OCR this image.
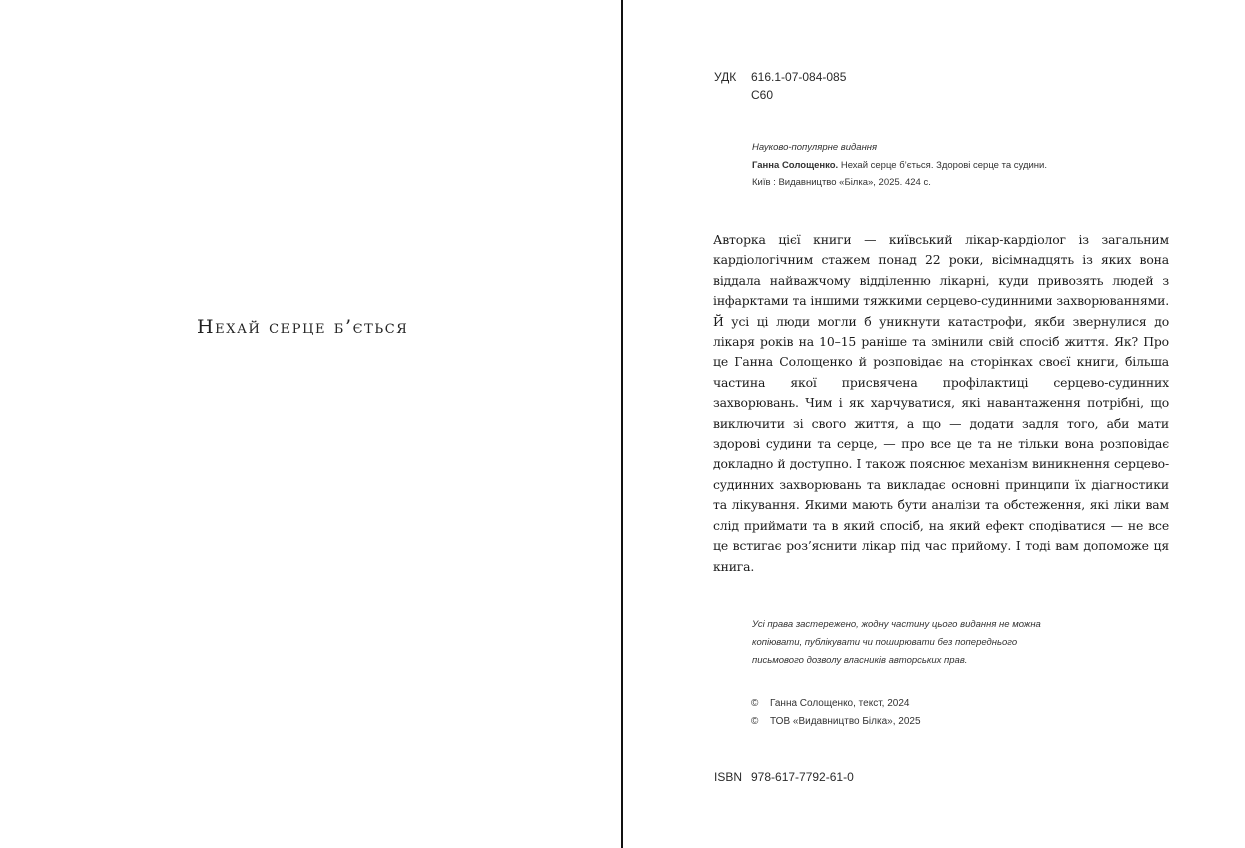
Нехай серце б’ється
УДК 616.1-07-084-085
С60
Науково-популярне видання
Ганна Солощенко. Нехай серце б’ється. Здорові серце та судини.
Київ : Видавництво «Білка», 2025. 424 с.

Авторка цієї книги — київський лікар-кардіолог із загальним кардіологічним стажем понад 22 роки, вісімнадцять із яких вона віддала найважчому відділенню лікарні, куди привозять людей з інфарктами та іншими тяжкими серцево-судинними захворюваннями. Й усі ці люди могли б уникнути катастрофи, якби звернулися до лікаря років на 10–15 раніше та змінили свій спосіб життя. Як? Про це Ганна Солощенко й розповідає на сторінках своєї книги, більша частина якої присвячена профілактиці серцево-судинних захворювань. Чим і як харчуватися, які навантаження потрібні, що виключити зі свого життя, а що — додати задля того, аби мати здорові судини та серце, — про все це та не тільки вона розповідає докладно й доступно. І також пояснює механізм виникнення серцево-судинних захворювань та викладає основні принципи їх діагностики та лікування. Якими мають бути аналізи та обстеження, які ліки вам слід приймати та в який спосіб, на який ефект сподіватися — не все це встигає роз’яснити лікар під час прийому. І тоді вам допоможе ця книга.

Усі права застережено, жодну частину цього видання не можна копіювати, публікувати чи поширювати без попереднього письмового дозволу власників авторських прав.

© Ганна Солощенко, текст, 2024
© ТОВ «Видавництво Білка», 2025
ISBN 978-617-7792-61-0
